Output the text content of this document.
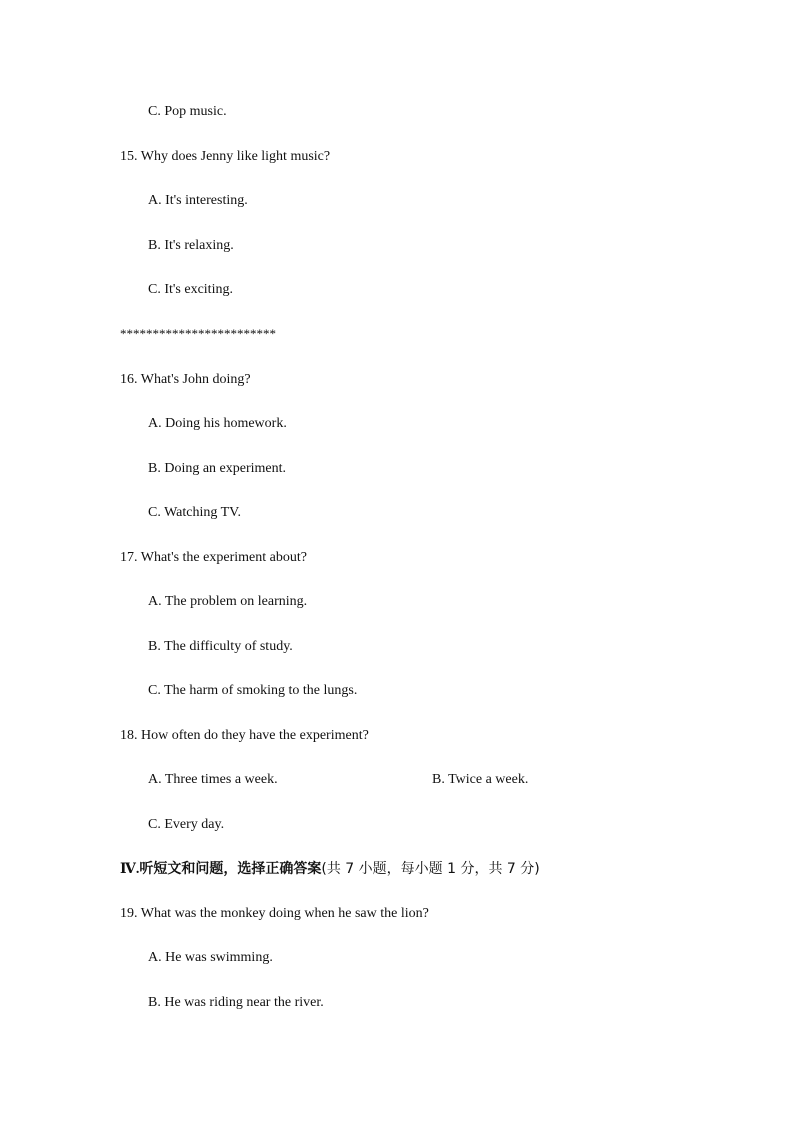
C. Pop music.
15. Why does Jenny like light music?
A. It's interesting.
B. It's relaxing.
C. It's exciting.
************************
16. What's John doing?
A. Doing his homework.
B. Doing an experiment.
C. Watching TV.
17. What's the experiment about?
A. The problem on learning.
B. The difficulty of study.
C. The harm of smoking to the lungs.
18. How often do they have the experiment?
A. Three times a week.	B. Twice a week.
C. Every day.
Ⅳ.听短文和问题，选择正确答案(共 7 小题，每小题 1 分，共 7 分)
19. What was the monkey doing when he saw the lion?
A. He was swimming.
B. He was riding near the river.
